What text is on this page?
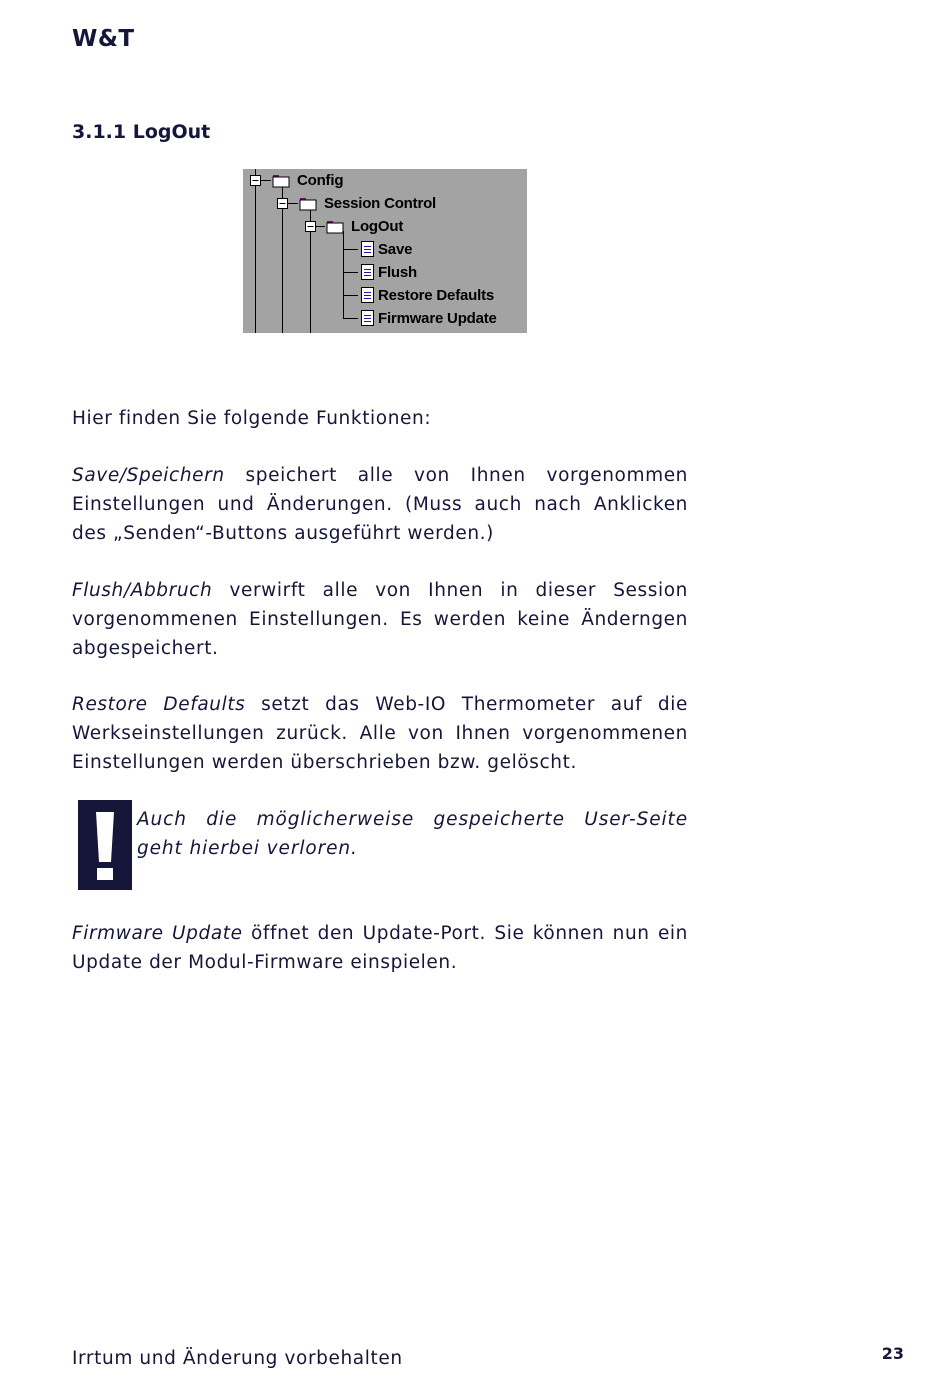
W&T
3.1.1 LogOut
Config
Session Control
LogOut
Save
Flush
Restore Defaults
Firmware Update

Hier finden Sie folgende Funktionen:

Save/Speichern speichert alle von Ihnen vorgenommen Einstellungen und Änderungen. (Muss auch nach Anklicken des „Senden“-Buttons ausgeführt werden.)

Flush/Abbruch verwirft alle von Ihnen in dieser Session vorgenommenen Einstellungen. Es werden keine Änderngen abgespeichert.

Restore Defaults setzt das Web-IO Thermometer auf die Werkseinstellungen zurück. Alle von Ihnen vorgenommenen Einstellungen werden überschrieben bzw. gelöscht.

Auch die möglicherweise gespeicherte User-Seite geht hierbei verloren.

Firmware Update öffnet den Update-Port. Sie können nun ein Update der Modul-Firmware einspielen.

Irrtum und Änderung vorbehalten	23
